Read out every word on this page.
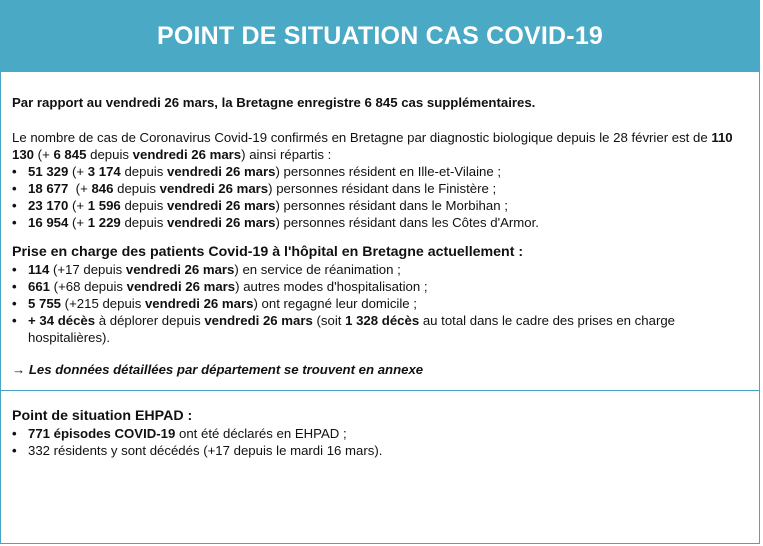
POINT DE SITUATION CAS COVID-19

Par rapport au vendredi 26 mars, la Bretagne enregistre 6 845 cas supplémentaires.

Le nombre de cas de Coronavirus Covid-19 confirmés en Bretagne par diagnostic biologique depuis le 28 février est de 110 130 (+ 6 845 depuis vendredi 26 mars) ainsi répartis :

• 51 329 (+ 3 174 depuis vendredi 26 mars) personnes résident en Ille-et-Vilaine ;
• 18 677  (+ 846 depuis vendredi 26 mars) personnes résidant dans le Finistère ;
• 23 170 (+ 1 596 depuis vendredi 26 mars) personnes résidant dans le Morbihan ;
• 16 954 (+ 1 229 depuis vendredi 26 mars) personnes résidant dans les Côtes d'Armor.

Prise en charge des patients Covid-19 à l'hôpital en Bretagne actuellement :

• 114 (+17 depuis vendredi 26 mars) en service de réanimation ;
• 661 (+68 depuis vendredi 26 mars) autres modes d'hospitalisation ;
• 5 755 (+215 depuis vendredi 26 mars) ont regagné leur domicile ;
• + 34 décès à déplorer depuis vendredi 26 mars (soit 1 328 décès au total dans le cadre des prises en charge hospitalières).

→ Les données détaillées par département se trouvent en annexe

Point de situation EHPAD :

• 771 épisodes COVID-19 ont été déclarés en EHPAD ;
• 332 résidents y sont décédés (+17 depuis le mardi 16 mars).
